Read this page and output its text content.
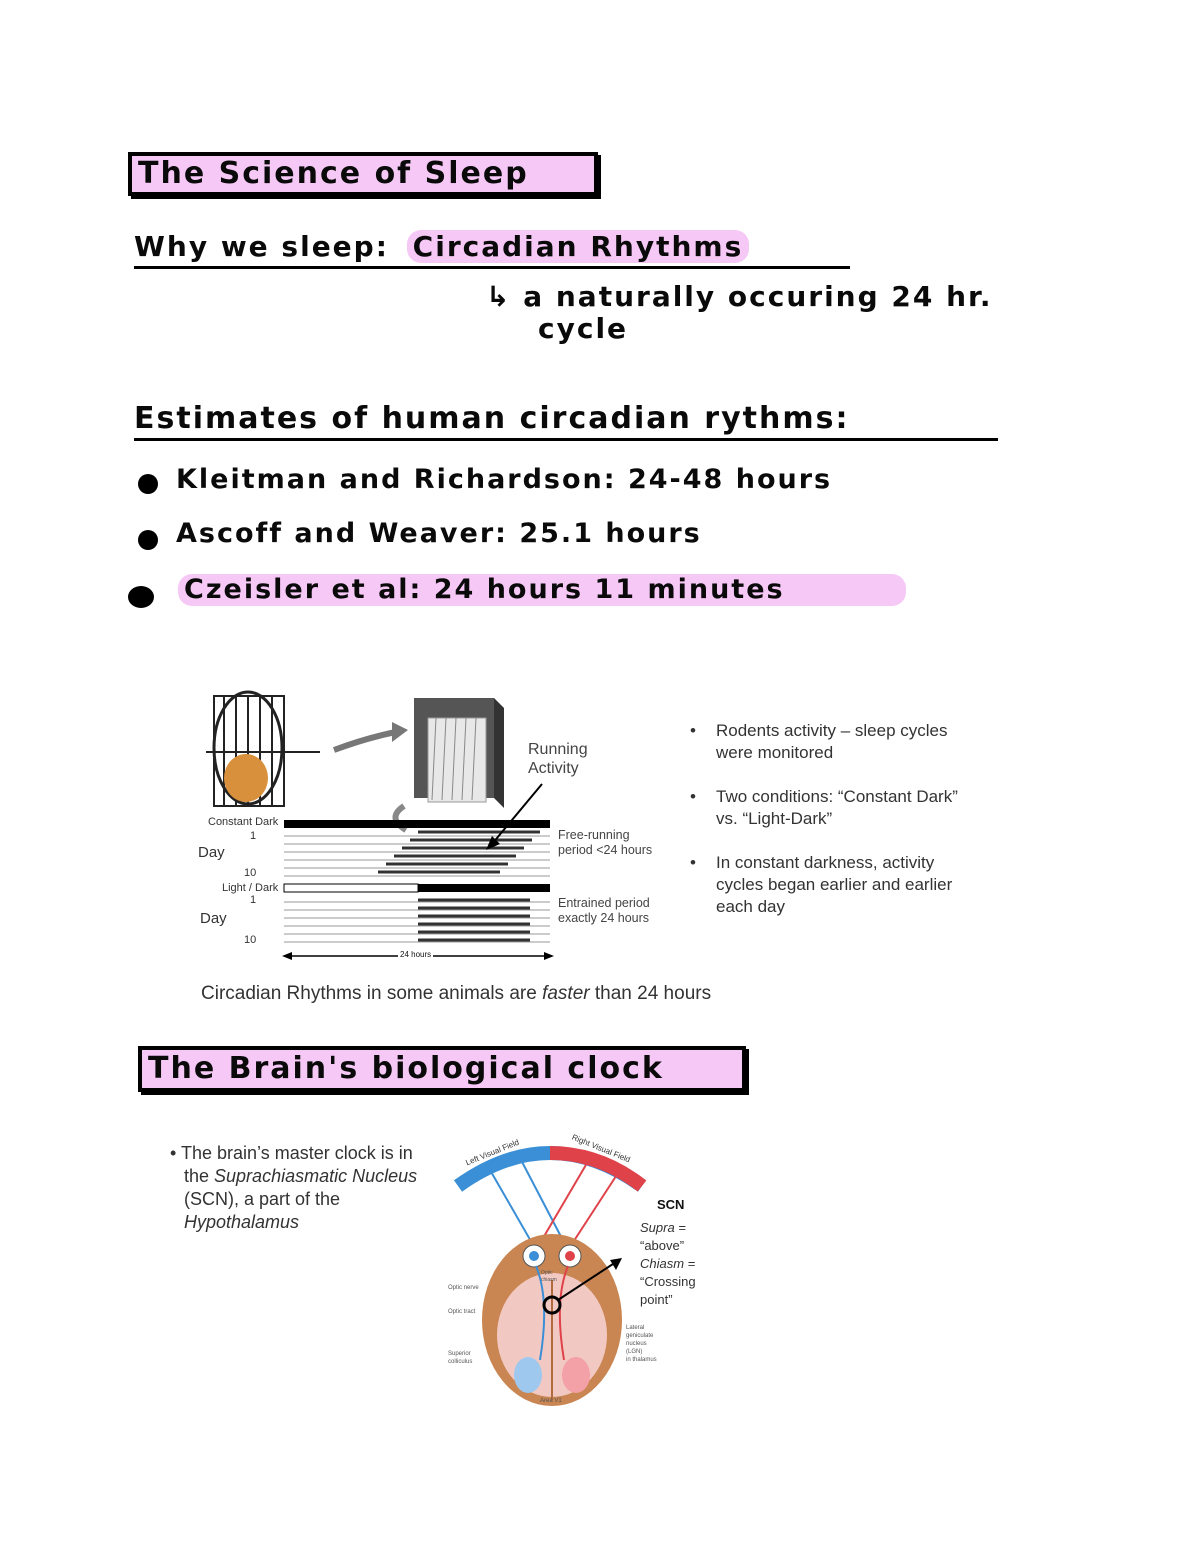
The Science of Sleep
Why we sleep: Circadian Rhythms
↳ a naturally occuring 24 hr.
cycle
Estimates of human circadian rythms:
Kleitman and Richardson: 24-48 hours
Ascoff and Weaver: 25.1 hours
Czeisler et al: 24 hours 11 minutes
Running
Activity
Constant Dark
1
Day
10
Light / Dark
1
Day
10
Free-running
period <24 hours
Entrained period
exactly 24 hours
24 hours
• Rodents activity – sleep cycles were monitored
• Two conditions: “Constant Dark” vs. “Light-Dark”
• In constant darkness, activity cycles began earlier and earlier each day
Circadian Rhythms in some animals are faster than 24 hours
The Brain's biological clock
• The brain’s master clock is in the Suprachiasmatic Nucleus (SCN), a part of the Hypothalamus
Left Visual Field	Right Visual Field
SCN
Supra =
“above”
Chiasm =
“Crossing
point”
Optic nerve
Optic tract
Superior
colliculus
Optic
chiasm
Lateral
geniculate
nucleus
(LGN)
in thalamus
Area V1
